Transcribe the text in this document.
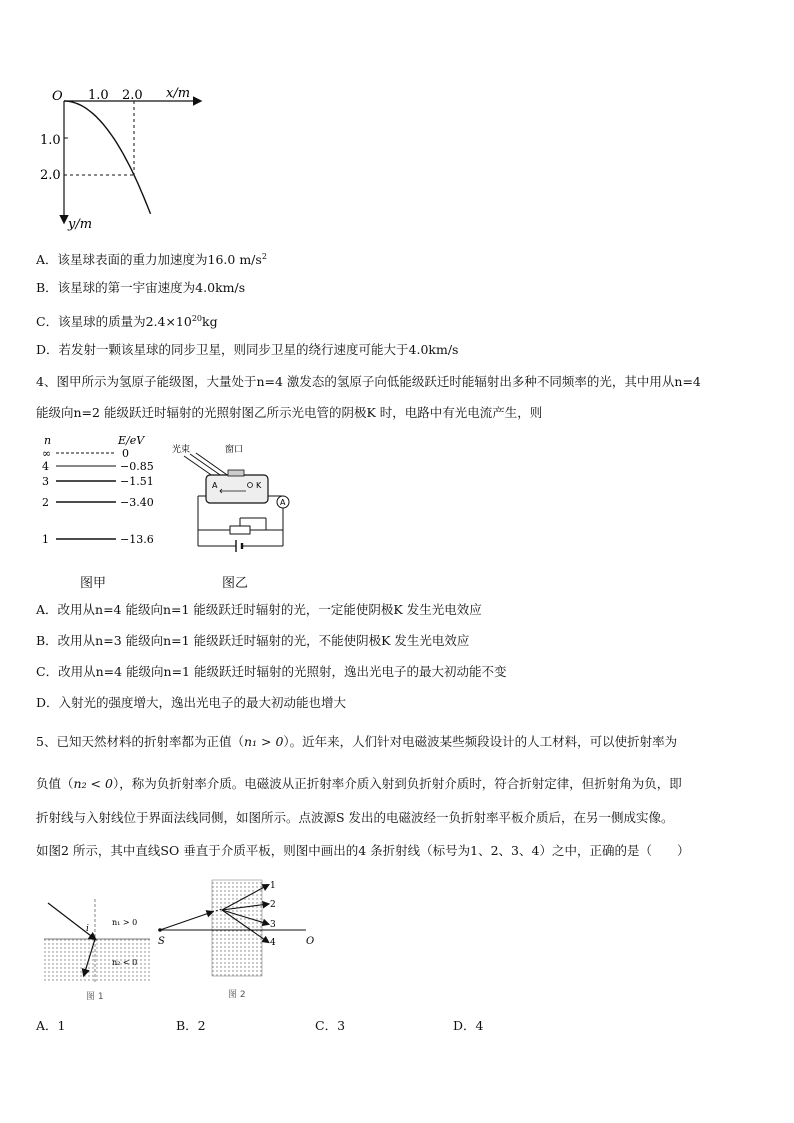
O 1.0 2.0 x/m
1.0
2.0
y/m
A．该星球表面的重力加速度为16.0 $m/s^2$
B．该星球的第一宇宙速度为4.0km/s
C．该星球的质量为$2.4\times 10^{20}kg$
D．若发射一颗该星球的同步卫星，则同步卫星的绕行速度可能大于4.0km/s
4、图甲所示为氢原子能级图，大量处于n=4 激发态的氢原子向低能级跃迁时能辐射出多种不同频率的光，其中用从n=4
能级向n=2 能级跃迁时辐射的光照射图乙所示光电管的阴极K 时，电路中有光电流产生，则
n	E/eV
∞	0
4	−0.85
3	−1.51
2	−3.40
1	−13.6
光束	窗口
A	K
A
图甲	图乙
A．改用从n=4 能级向n=1 能级跃迁时辐射的光，一定能使阴极K 发生光电效应
B．改用从n=3 能级向n=1 能级跃迁时辐射的光，不能使阴极K 发生光电效应
C．改用从n=4 能级向n=1 能级跃迁时辐射的光照射，逸出光电子的最大初动能不变
D．入射光的强度增大，逸出光电子的最大初动能也增大
5、已知天然材料的折射率都为正值（n₁ > 0）。近年来，人们针对电磁波某些频段设计的人工材料，可以使折射率为
负值（n₂ < 0），称为负折射率介质。电磁波从正折射率介质入射到负折射介质时，符合折射定律，但折射角为负，即
折射线与入射线位于界面法线同侧，如图所示。点波源S 发出的电磁波经一负折射率平板介质后，在另一侧成实像。
如图2 所示，其中直线SO 垂直于介质平板，则图中画出的4 条折射线（标号为1、2、3、4）之中，正确的是（　　）
i
n₁ > 0
n₂ < 0
图 1
1
2
3
4
S	O
图 2
A．1	B．2	C．3	D．4
